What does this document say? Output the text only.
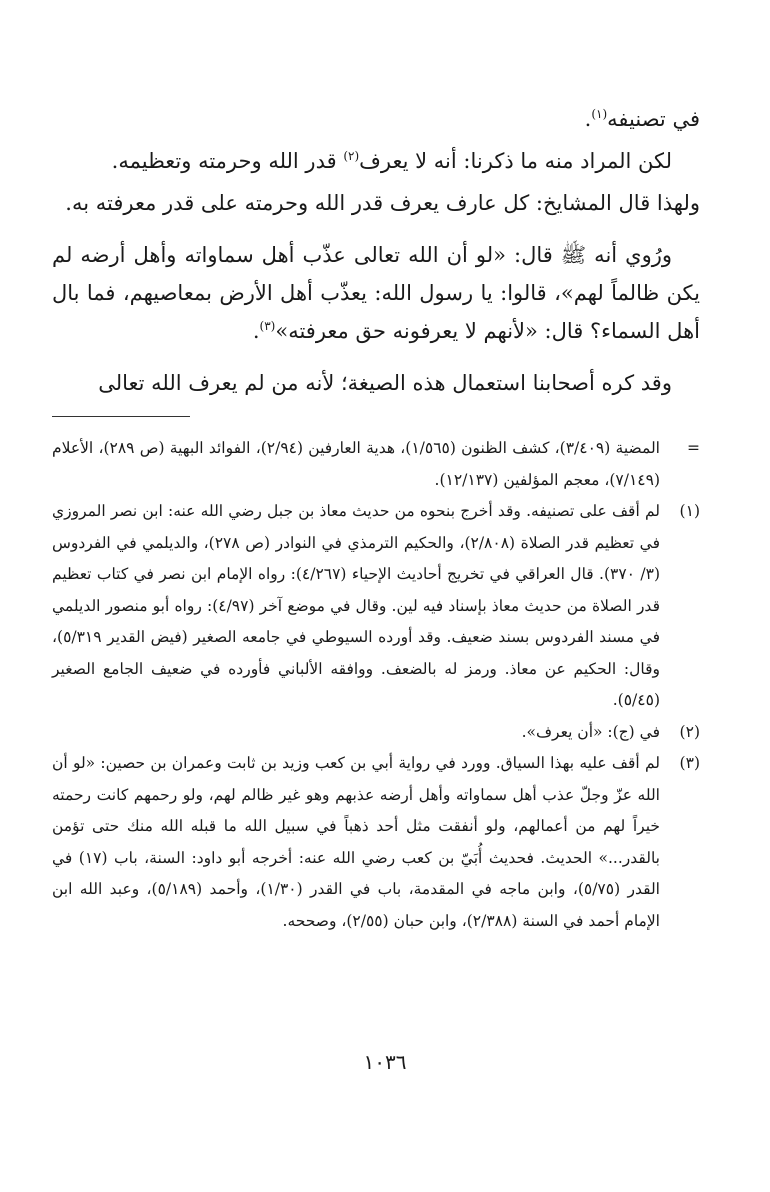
في تصنيفه$^{(١)}$.

لكن المراد منه ما ذكرنا: أنه لا يعرف$^{(٢)}$ قدر الله وحرمته وتعظيمه.

ولهذا قال المشايخ: كل عارف يعرف قدر الله وحرمته على قدر معرفته به.

ورُوي أنه ﷺ قال: «لو أن الله تعالى عذّب أهل سماواته وأهل أرضه لم يكن ظالماً لهم»، قالوا: يا رسول الله: يعذّب أهل الأرض بمعاصيهم، فما بال أهل السماء؟ قال: «لأنهم لا يعرفونه حق معرفته»$^{(٣)}$.

وقد كره أصحابنا استعمال هذه الصيغة؛ لأنه من لم يعرف الله تعالى

=
المضية (٣/٤٠٩)، كشف الظنون (١/٥٦٥)، هدية العارفين (٢/٩٤)، الفوائد البهية (ص ٢٨٩)، الأعلام (٧/١٤٩)، معجم المؤلفين (١٢/١٣٧).
(١)
لم أقف على تصنيفه. وقد أخرج بنحوه من حديث معاذ بن جبل رضي الله عنه: ابن نصر المروزي في تعظيم قدر الصلاة (٢/٨٠٨)، والحكيم الترمذي في النوادر (ص ٢٧٨)، والديلمي في الفردوس (٣/ ٣٧٠). قال العراقي في تخريج أحاديث الإحياء (٤/٢٦٧): رواه الإمام ابن نصر في كتاب تعظيم قدر الصلاة من حديث معاذ بإسناد فيه لين. وقال في موضع آخر (٤/٩٧): رواه أبو منصور الديلمي في مسند الفردوس بسند ضعيف. وقد أورده السيوطي في جامعه الصغير (فيض القدير ٥/٣١٩)، وقال: الحكيم عن معاذ. ورمز له بالضعف. ووافقه الألباني فأورده في ضعيف الجامع الصغير (٥/٤٥).
(٢)
في (ج): «أن يعرف».
(٣)
لم أقف عليه بهذا السياق. وورد في رواية أبي بن كعب وزيد بن ثابت وعمران بن حصين: «لو أن الله عزّ وجلّ عذب أهل سماواته وأهل أرضه عذبهم وهو غير ظالم لهم، ولو رحمهم كانت رحمته خيراً لهم من أعمالهم، ولو أنفقت مثل أحد ذهباً في سبيل الله ما قبله الله منك حتى تؤمن بالقدر...» الحديث. فحديث أُبَيّ بن كعب رضي الله عنه: أخرجه أبو داود: السنة، باب (١٧) في القدر (٥/٧٥)، وابن ماجه في المقدمة، باب في القدر (١/٣٠)، وأحمد (٥/١٨٩)، وعبد الله ابن الإمام أحمد في السنة (٢/٣٨٨)، وابن حبان (٢/٥٥)، وصححه.
١٠٣٦
